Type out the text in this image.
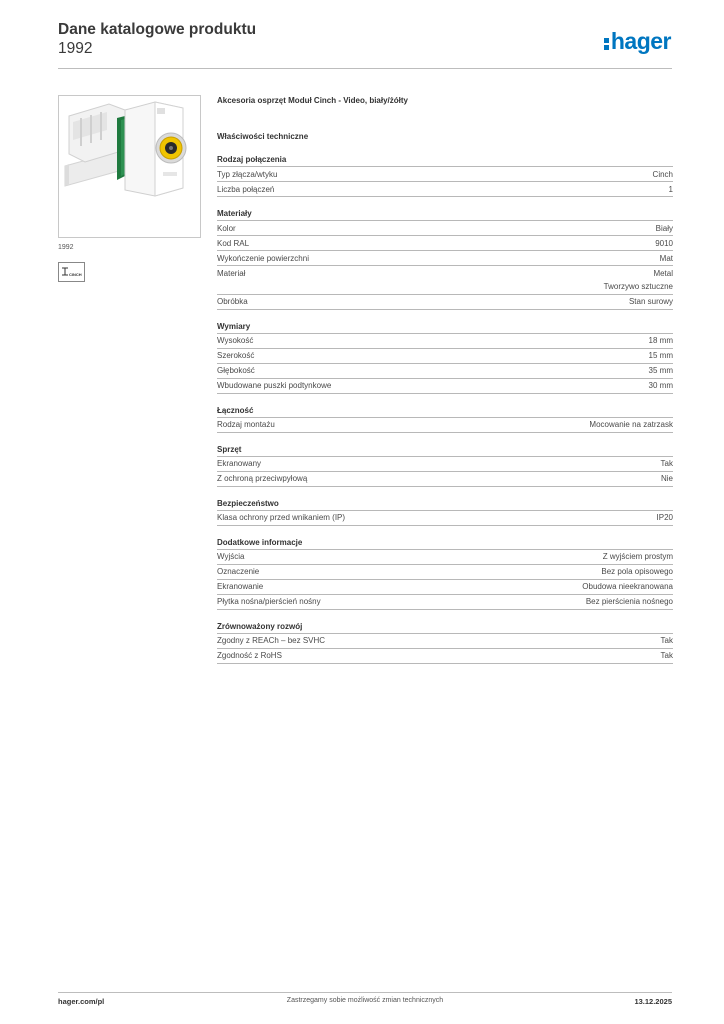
Dane katalogowe produktu
1992	hager
1992
CINCH
Akcesoria osprzęt Moduł Cinch - Video, biały/żółty
Właściwości techniczne
Rodzaj połączenia
Typ złącza/wtyku	Cinch
Liczba połączeń	1
Materiały
Kolor	Biały
Kod RAL	9010
Wykończenie powierzchni	Mat
Materiał	Metal
Tworzywo sztuczne
Obróbka	Stan surowy
Wymiary
Wysokość	18 mm
Szerokość	15 mm
Głębokość	35 mm
Wbudowane puszki podtynkowe	30 mm
Łączność
Rodzaj montażu	Mocowanie na zatrzask
Sprzęt
Ekranowany	Tak
Z ochroną przeciwpyłową	Nie
Bezpieczeństwo
Klasa ochrony przed wnikaniem (IP)	IP20
Dodatkowe informacje
Wyjścia	Z wyjściem prostym
Oznaczenie	Bez pola opisowego
Ekranowanie	Obudowa nieekranowana
Płytka nośna/pierścień nośny	Bez pierścienia nośnego
Zrównoważony rozwój
Zgodny z REACh – bez SVHC	Tak
Zgodność z RoHS	Tak
hager.com/pl	Zastrzegamy sobie możliwość zmian technicznych	13.12.2025
